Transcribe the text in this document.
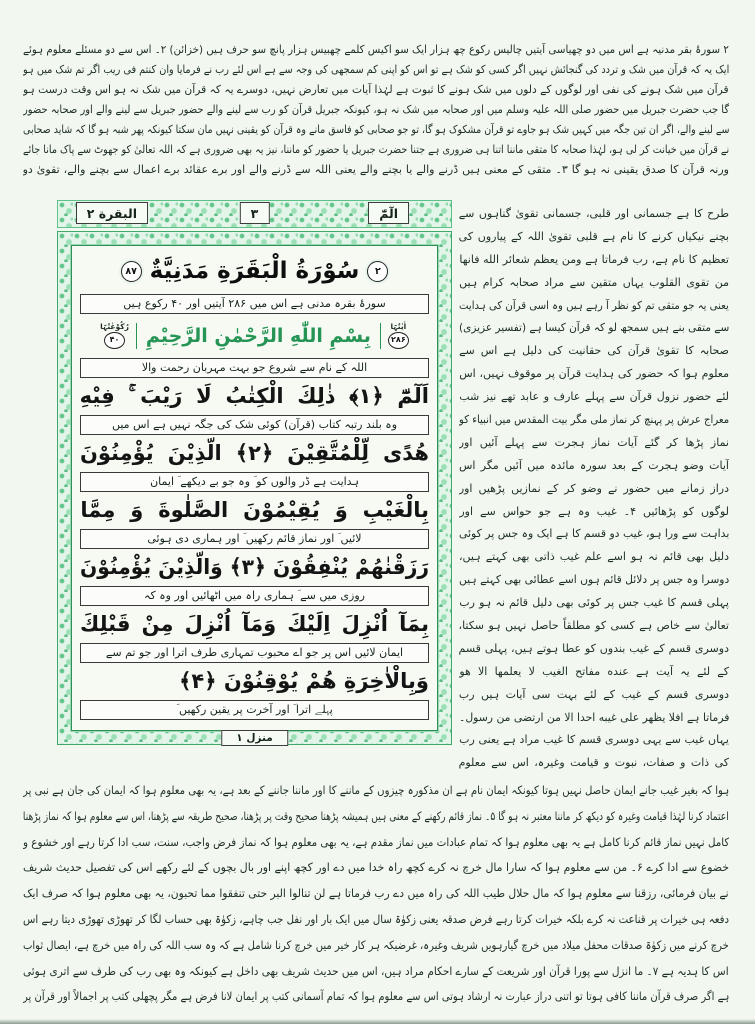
۲ سورۂ بقر مدنیہ ہے اس میں دو چھیاسی آیتیں چالیس رکوع چھ ہزار ایک سو اکیس کلمے چھبیس ہزار پانچ سو حرف ہیں (خزائن) ۲۔ اس سے دو مسئلے معلوم ہوئے
ایک یہ کہ قرآن میں شک و تردد کی گنجائش نہیں اگر کسی کو شک ہے تو اس کو اپنی کم سمجھی کی وجہ سے ہے اس لئے رب نے فرمایا وان كنتم فى ريب اگر تم شک میں ہو
قرآن میں شک ہونے کی نفی اور لوگوں کے دلوں میں شک ہونے کا ثبوت ہے لہٰذا آیات میں تعارض نہیں، دوسرے یہ کہ قرآن میں شک نہ ہو اس وقت درست ہو
گا جب حضرت جبریل میں حضور صلی اللہ علیہ وسلم میں اور صحابہ میں شک نہ ہو، کیونکہ جبریل قرآن کو رب سے لینے والے حضور جبریل سے لینے والے اور صحابہ حضور
سے لینے والے، اگر ان تین جگہ میں کہیں شک ہو جاوے تو قرآن مشکوک ہو گا، تو جو صحابی کو فاسق مانے وہ قرآن کو یقینی نہیں مان سکتا کیونکہ پھر شبہ ہو گا کہ شاید صحابی
نے قرآن میں خیانت کر لی ہو، لہٰذا صحابہ کا متقی ماننا اتنا ہی ضروری ہے جتنا حضرت جبریل یا حضور کو ماننا، نیز یہ بھی ضروری ہے کہ اللہ تعالیٰ کو جھوٹ سے پاک مانا جائے
ورنہ قرآن کا صدق یقینی نہ ہو گا ۳۔ متقی کے معنی ہیں ڈرنے والے یا بچنے والے یعنی اللہ سے ڈرنے والے اور برے عقائد برے اعمال سے بچنے والے، تقویٰ دو
طرح کا ہے جسمانی اور قلبی، جسمانی تقویٰ گناہوں سے
بچنے نیکیاں کرنے کا نام ہے قلبی تقویٰ اللہ کے پیاروں کی
تعظیم کا نام ہے، رب فرماتا ہے ومن يعظم شعائر الله فانها
من تقوى القلوب یہاں متقین سے مراد صحابہ کرام ہیں
یعنی یہ جو متقی تم کو نظر آ رہے ہیں وہ اسی قرآن کی ہدایت
سے متقی بنے ہیں سمجھ لو کہ قرآن کیسا ہے (تفسیر عزیزی)
صحابہ کا تقویٰ قرآن کی حقانیت کی دلیل ہے اس سے
معلوم ہوا کہ حضور کی ہدایت قرآن پر موقوف نہیں، اس
لئے حضور نزول قرآن سے پہلے عارف و عابد تھے نیز شب
معراج عرش پر پہنچ کر نماز ملی مگر بیت المقدس میں انبیاء کو
نماز پڑھا کر گئے آیات نماز ہجرت سے پہلے آئیں اور
آیات وضو ہجرت کے بعد سورہ مائدہ میں آئیں مگر اس
دراز زمانے میں حضور نے وضو کر کے نمازیں پڑھیں اور
لوگوں کو پڑھائیں ۴۔ غیب وہ ہے جو حواس سے اور
بداہت سے ورا ہو، غیب دو قسم کا ہے ایک وہ جس پر کوئی
دلیل بھی قائم نہ ہو اسے علم غیب ذاتی بھی کہتے ہیں،
دوسرا وہ جس پر دلائل قائم ہوں اسے عطائی بھی کہتے ہیں
پہلی قسم کا غیب جس پر کوئی بھی دلیل قائم نہ ہو رب
تعالیٰ سے خاص ہے کسی کو مطلقاً حاصل نہیں ہو سکتا،
دوسری قسم کے غیب بندوں کو عطا ہوتے ہیں، پہلی قسم
کے لئے یہ آیت ہے عنده مفاتح الغيب لا يعلمها الا هو
دوسری قسم کے غیب کے لئے بہت سی آیات ہیں رب
فرماتا ہے افلا يظهر على غيبه احدا الا من ارتضى من رسول۔
یہاں غیب سے یہی دوسری قسم کا غیب مراد ہے یعنی رب
کی ذات و صفات، نبوت و قیامت وغیرہ، اس سے معلوم
الٓمّٓ
۳
البقرة ۲
۲
سُوْرَةُ الْبَقَرَةِ مَدَنِيَّةٌ
۸۷
سورۂ بقرہ مدنی ہے اس میں ۲۸۶ آیتیں اور ۴۰ رکوع ہیں
اٰیٰتُہَا
۲۸۶
بِسْمِ اللّٰهِ الرَّحْمٰنِ الرَّحِيْمِ
رُکُوْعٰتُہَا
۴۰
اللہ کے نام سے شروع جو بہت مہربان رحمت والا
اَلٓمّٓ ﴿۱﴾ ذٰلِكَ الْكِتٰبُ لَا رَيْبَ ۚ فِيْهِ
وہ بلند رتبہ کتاب (قرآن) کوئی شک کی جگہ نہیں ہے اس میں
هُدًى لِّلْمُتَّقِيْنَ ﴿۲﴾ الَّذِيْنَ يُؤْمِنُوْنَ
ہدایت ہے ڈر والوں کو ؔ وہ جو بے دیکھے ؔ ایمان
بِالْغَيْبِ وَ يُقِيْمُوْنَ الصَّلٰوةَ وَ مِمَّا
لائیں ؔ اور نماز قائم رکھیں ؔ اور ہماری دی ہوئی
رَزَقْنٰهُمْ يُنْفِقُوْنَ ﴿۳﴾ وَالَّذِيْنَ يُؤْمِنُوْنَ
روزی میں سے ؔ ہماری راہ میں اٹھائیں اور وہ کہ
بِمَآ اُنْزِلَ اِلَيْكَ وَمَآ اُنْزِلَ مِنْ قَبْلِكَ
ایمان لائیں اس پر جو اے محبوب تمہاری طرف اترا اور جو تم سے
وَبِالْاٰخِرَةِ هُمْ يُوْقِنُوْنَ ﴿۴﴾
پہلے اترا ؔ اور آخرت پر یقین رکھیں ؔ
منزل ۱
ہوا کہ بغیر غیب جانے ایمان حاصل نہیں ہوتا کیونکہ ایمان نام ہے ان مذکورہ چیزوں کے ماننے کا اور ماننا جاننے کے بعد ہے، یہ بھی معلوم ہوا کہ ایمان کی جان ہے نبی پر
اعتماد کرنا لہٰذا قیامت وغیرہ کو دیکھ کر ماننا معتبر نہ ہو گا ۵۔ نماز قائم رکھنے کے معنی ہیں ہمیشہ پڑھنا صحیح وقت پر پڑھنا، صحیح طریقہ سے پڑھنا، اس سے معلوم ہوا کہ نماز پڑھنا
کامل نہیں نماز قائم کرنا کامل ہے یہ بھی معلوم ہوا کہ تمام عبادات میں نماز مقدم ہے، یہ بھی معلوم ہوا کہ نماز فرض واجب، سنت، سب ادا کرتا رہے اور خشوع و
خضوع سے ادا کرے ۶۔ من سے معلوم ہوا کہ سارا مال خرچ نہ کرے کچھ راہ خدا میں دے اور کچھ اپنے اور بال بچوں کے لئے رکھے اس کی تفصیل حدیث شریف
نے بیان فرمائی، رزقنا سے معلوم ہوا کہ مال حلال طیب اللہ کی راہ میں دے رب فرماتا ہے لن تنالوا البر حتى تنفقوا مما تحبون، یہ بھی معلوم ہوا کہ صرف ایک
دفعہ ہی خیرات پر قناعت نہ کرے بلکہ خیرات کرتا رہے فرض صدقہ یعنی زکوٰۃ سال میں ایک بار اور نفل جب چاہے، زکوٰۃ بھی حساب لگا کر تھوڑی تھوڑی دیتا رہے اس
خرچ کرنے میں زکوٰۃ صدقات محفل میلاد میں خرچ گیارہویں شریف وغیرہ، غرضیکہ ہر کار خیر میں خرچ کرنا شامل ہے کہ وہ سب اللہ کی راہ میں خرچ ہے، ایصال ثواب
اس کا ہدیہ ہے ۷۔ ما انزل سے پورا قرآن اور شریعت کے سارے احکام مراد ہیں، اس میں حدیث شریف بھی داخل ہے کیونکہ وہ بھی رب کی طرف سے اتری ہوئی
ہے اگر صرف قرآن ماننا کافی ہوتا تو اتنی دراز عبارت نہ ارشاد ہوتی اس سے معلوم ہوا کہ تمام آسمانی کتب پر ایمان لانا فرض ہے مگر پچھلی کتب پر اجمالاً اور قرآن پر
